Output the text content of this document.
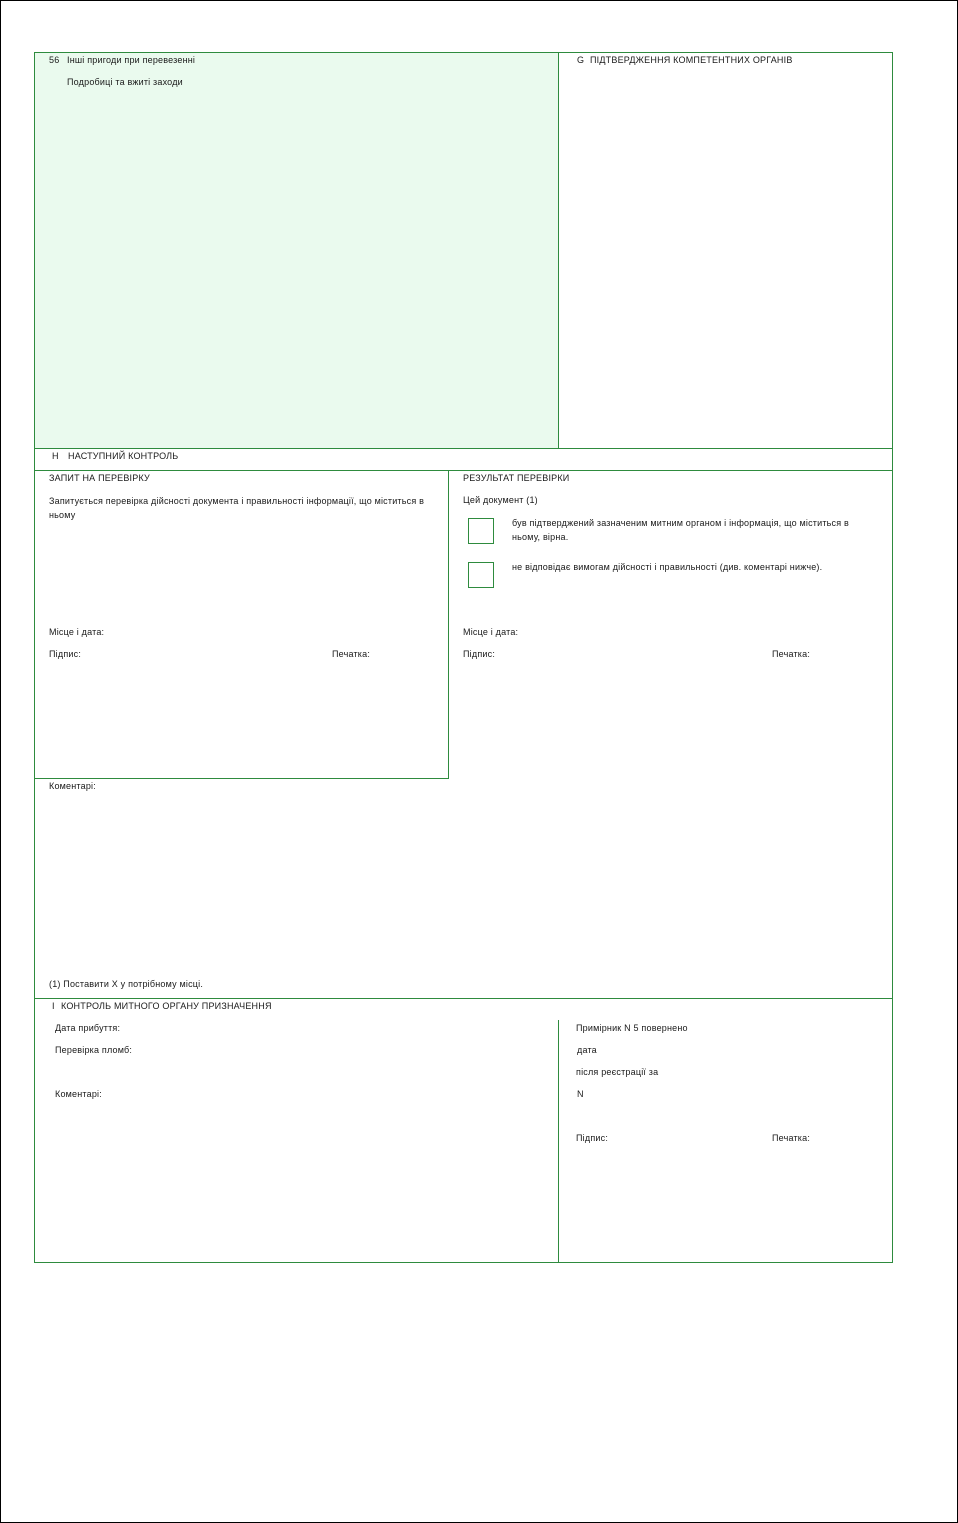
56 Інші пригоди при перевезенні
Подробиці та вжиті заходи
G ПІДТВЕРДЖЕННЯ КОМПЕТЕНТНИХ ОРГАНІВ
H НАСТУПНИЙ КОНТРОЛЬ
ЗАПИТ НА ПЕРЕВІРКУ
Запитується перевірка дійсності документа і правильності інформації, що міститься в ньому
Місце і дата:
Підпис:	Печатка:
РЕЗУЛЬТАТ ПЕРЕВІРКИ
Цей документ (1)
був підтверджений зазначеним митним органом і інформація, що міститься в ньому, вірна.
не відповідає вимогам дійсності і правильності (див. коментарі нижче).
Місце і дата:
Підпис:	Печатка:
Коментарі:
(1) Поставити X у потрібному місці.
I КОНТРОЛЬ МИТНОГО ОРГАНУ ПРИЗНАЧЕННЯ
Дата прибуття:
Перевірка пломб:
Коментарі:
Примірник N 5 повернено
дата
після реєстрації за
N
Підпис:	Печатка:
